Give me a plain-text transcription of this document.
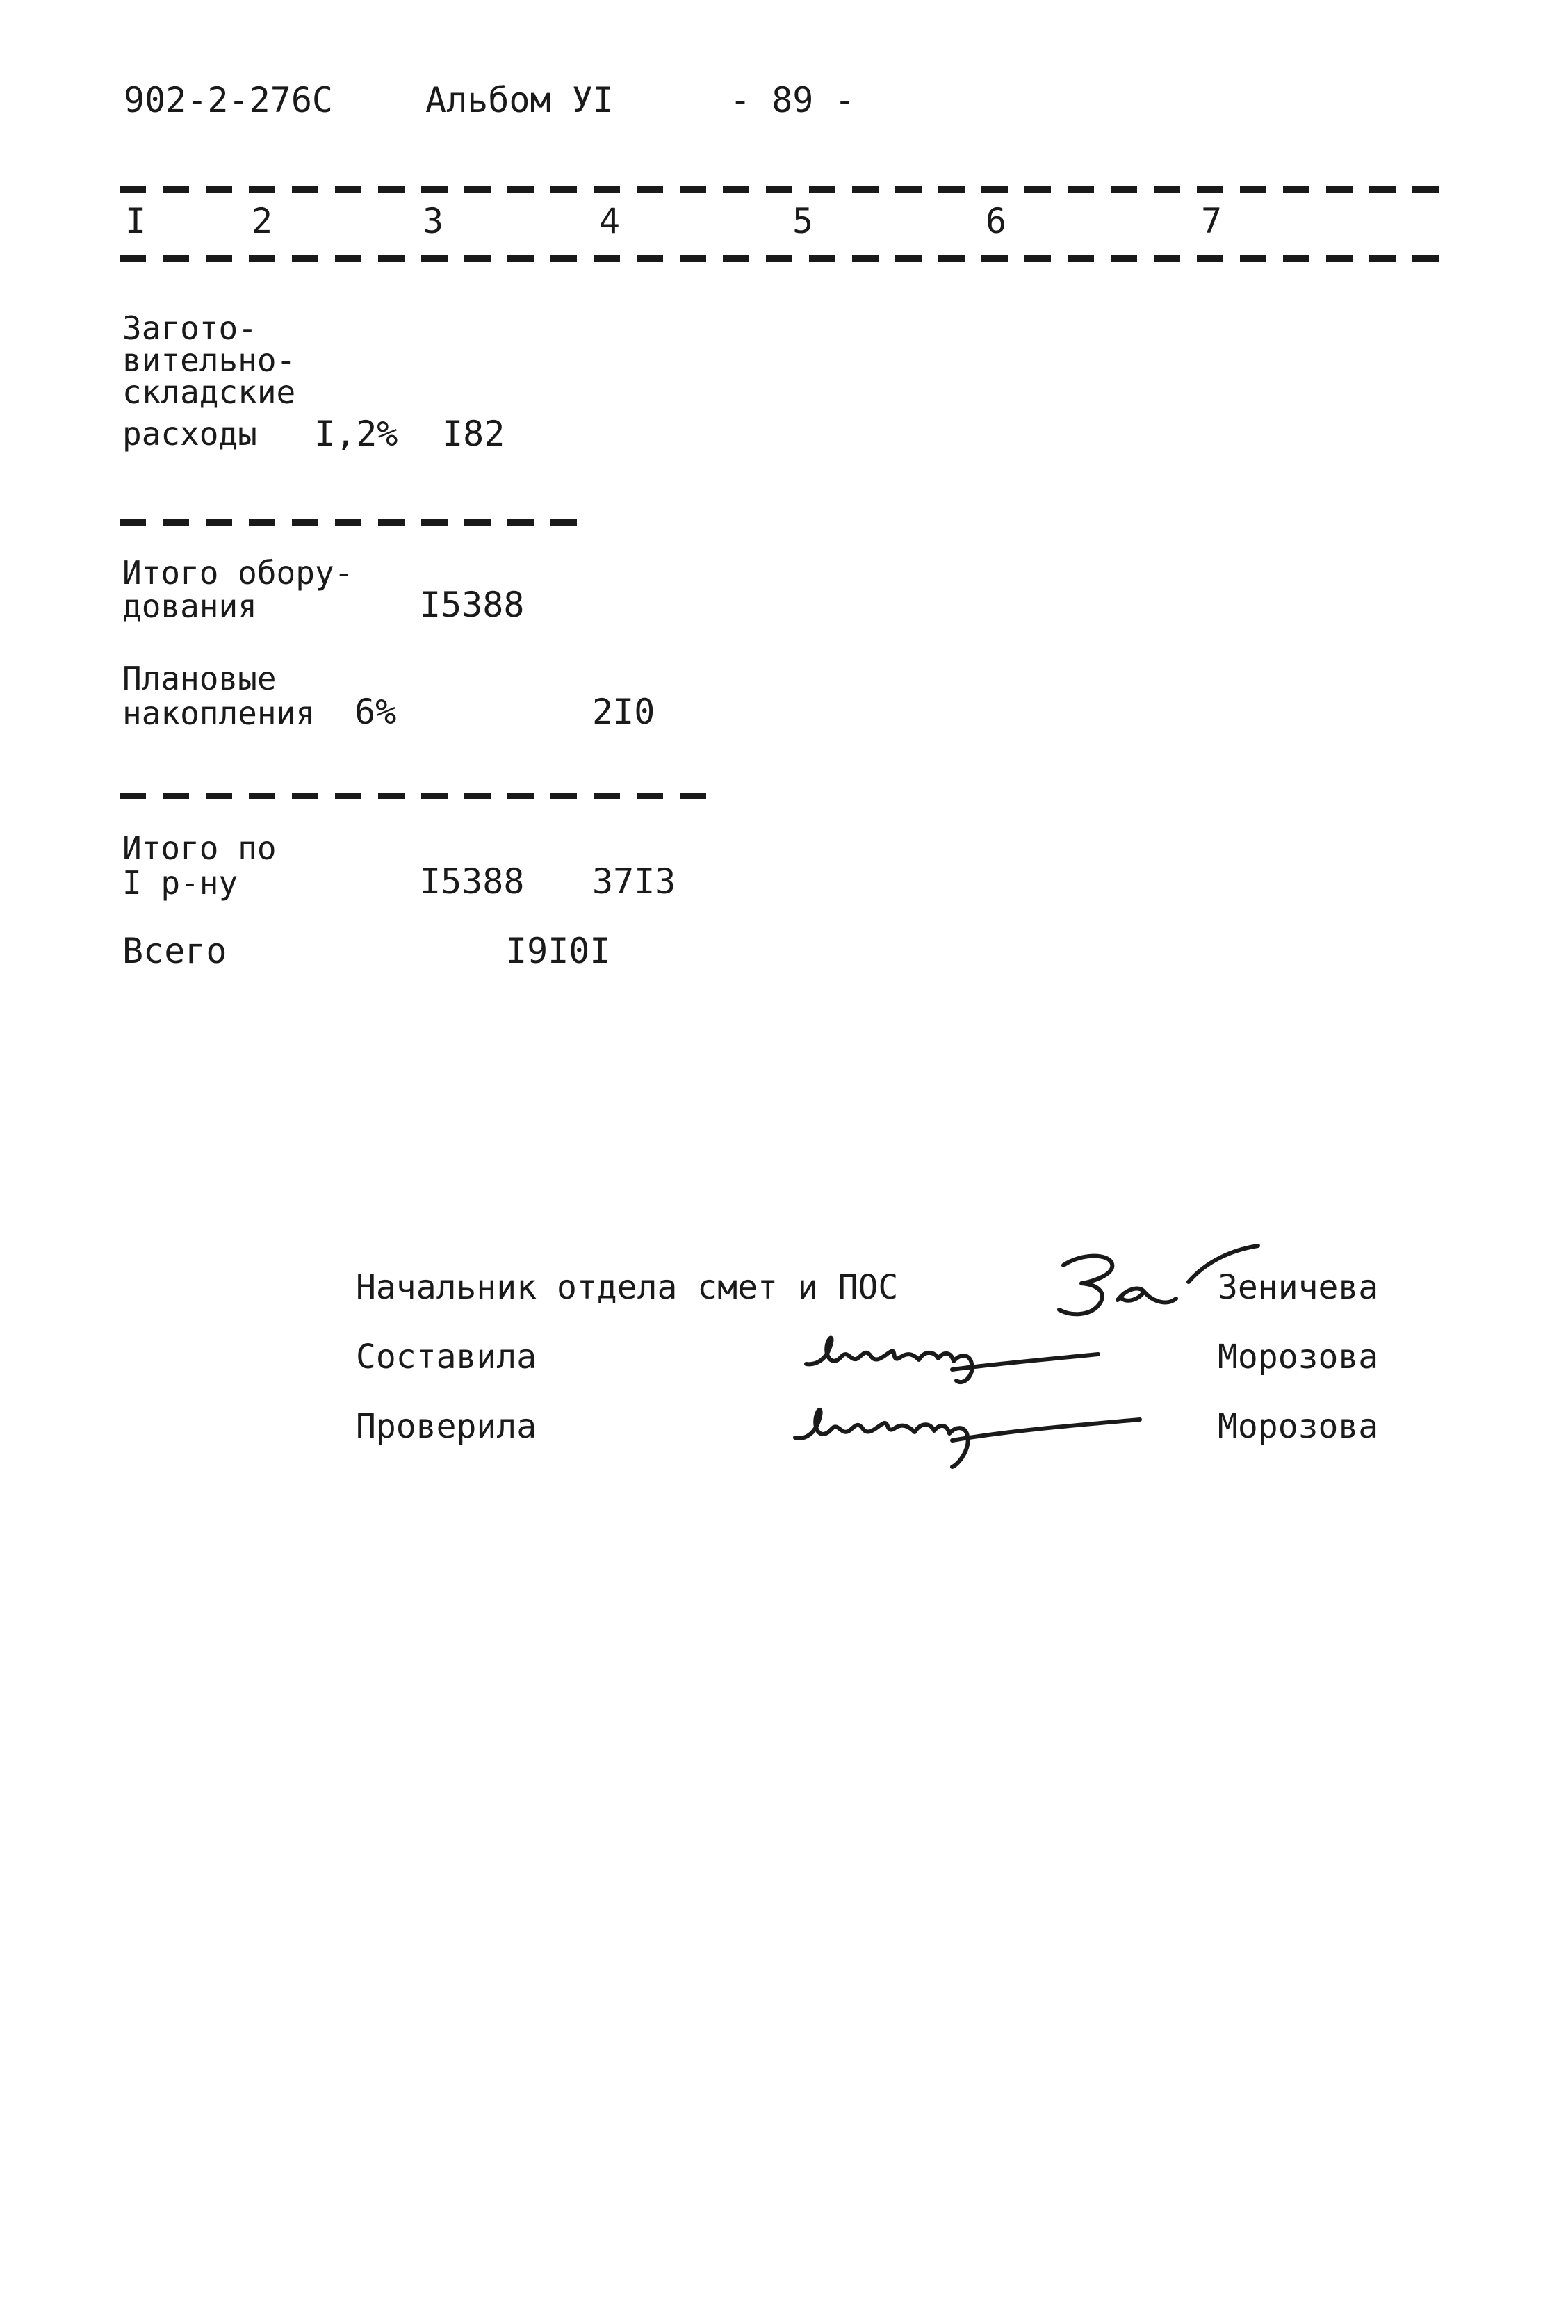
902-2-276С	Альбом УI	- 89 -
I	2	3	4	5	6	7
Загото-
вительно-
складские
расходы I,2% I82
Итого обору-
дования	I5388
Плановые
накопления 6%	2I0
Итого по
I р-ну	I5388 37I3
Всего	I9I0I
Начальник отдела смет и ПОС	Зеничева
Составила	Морозова
Проверила	Морозова
